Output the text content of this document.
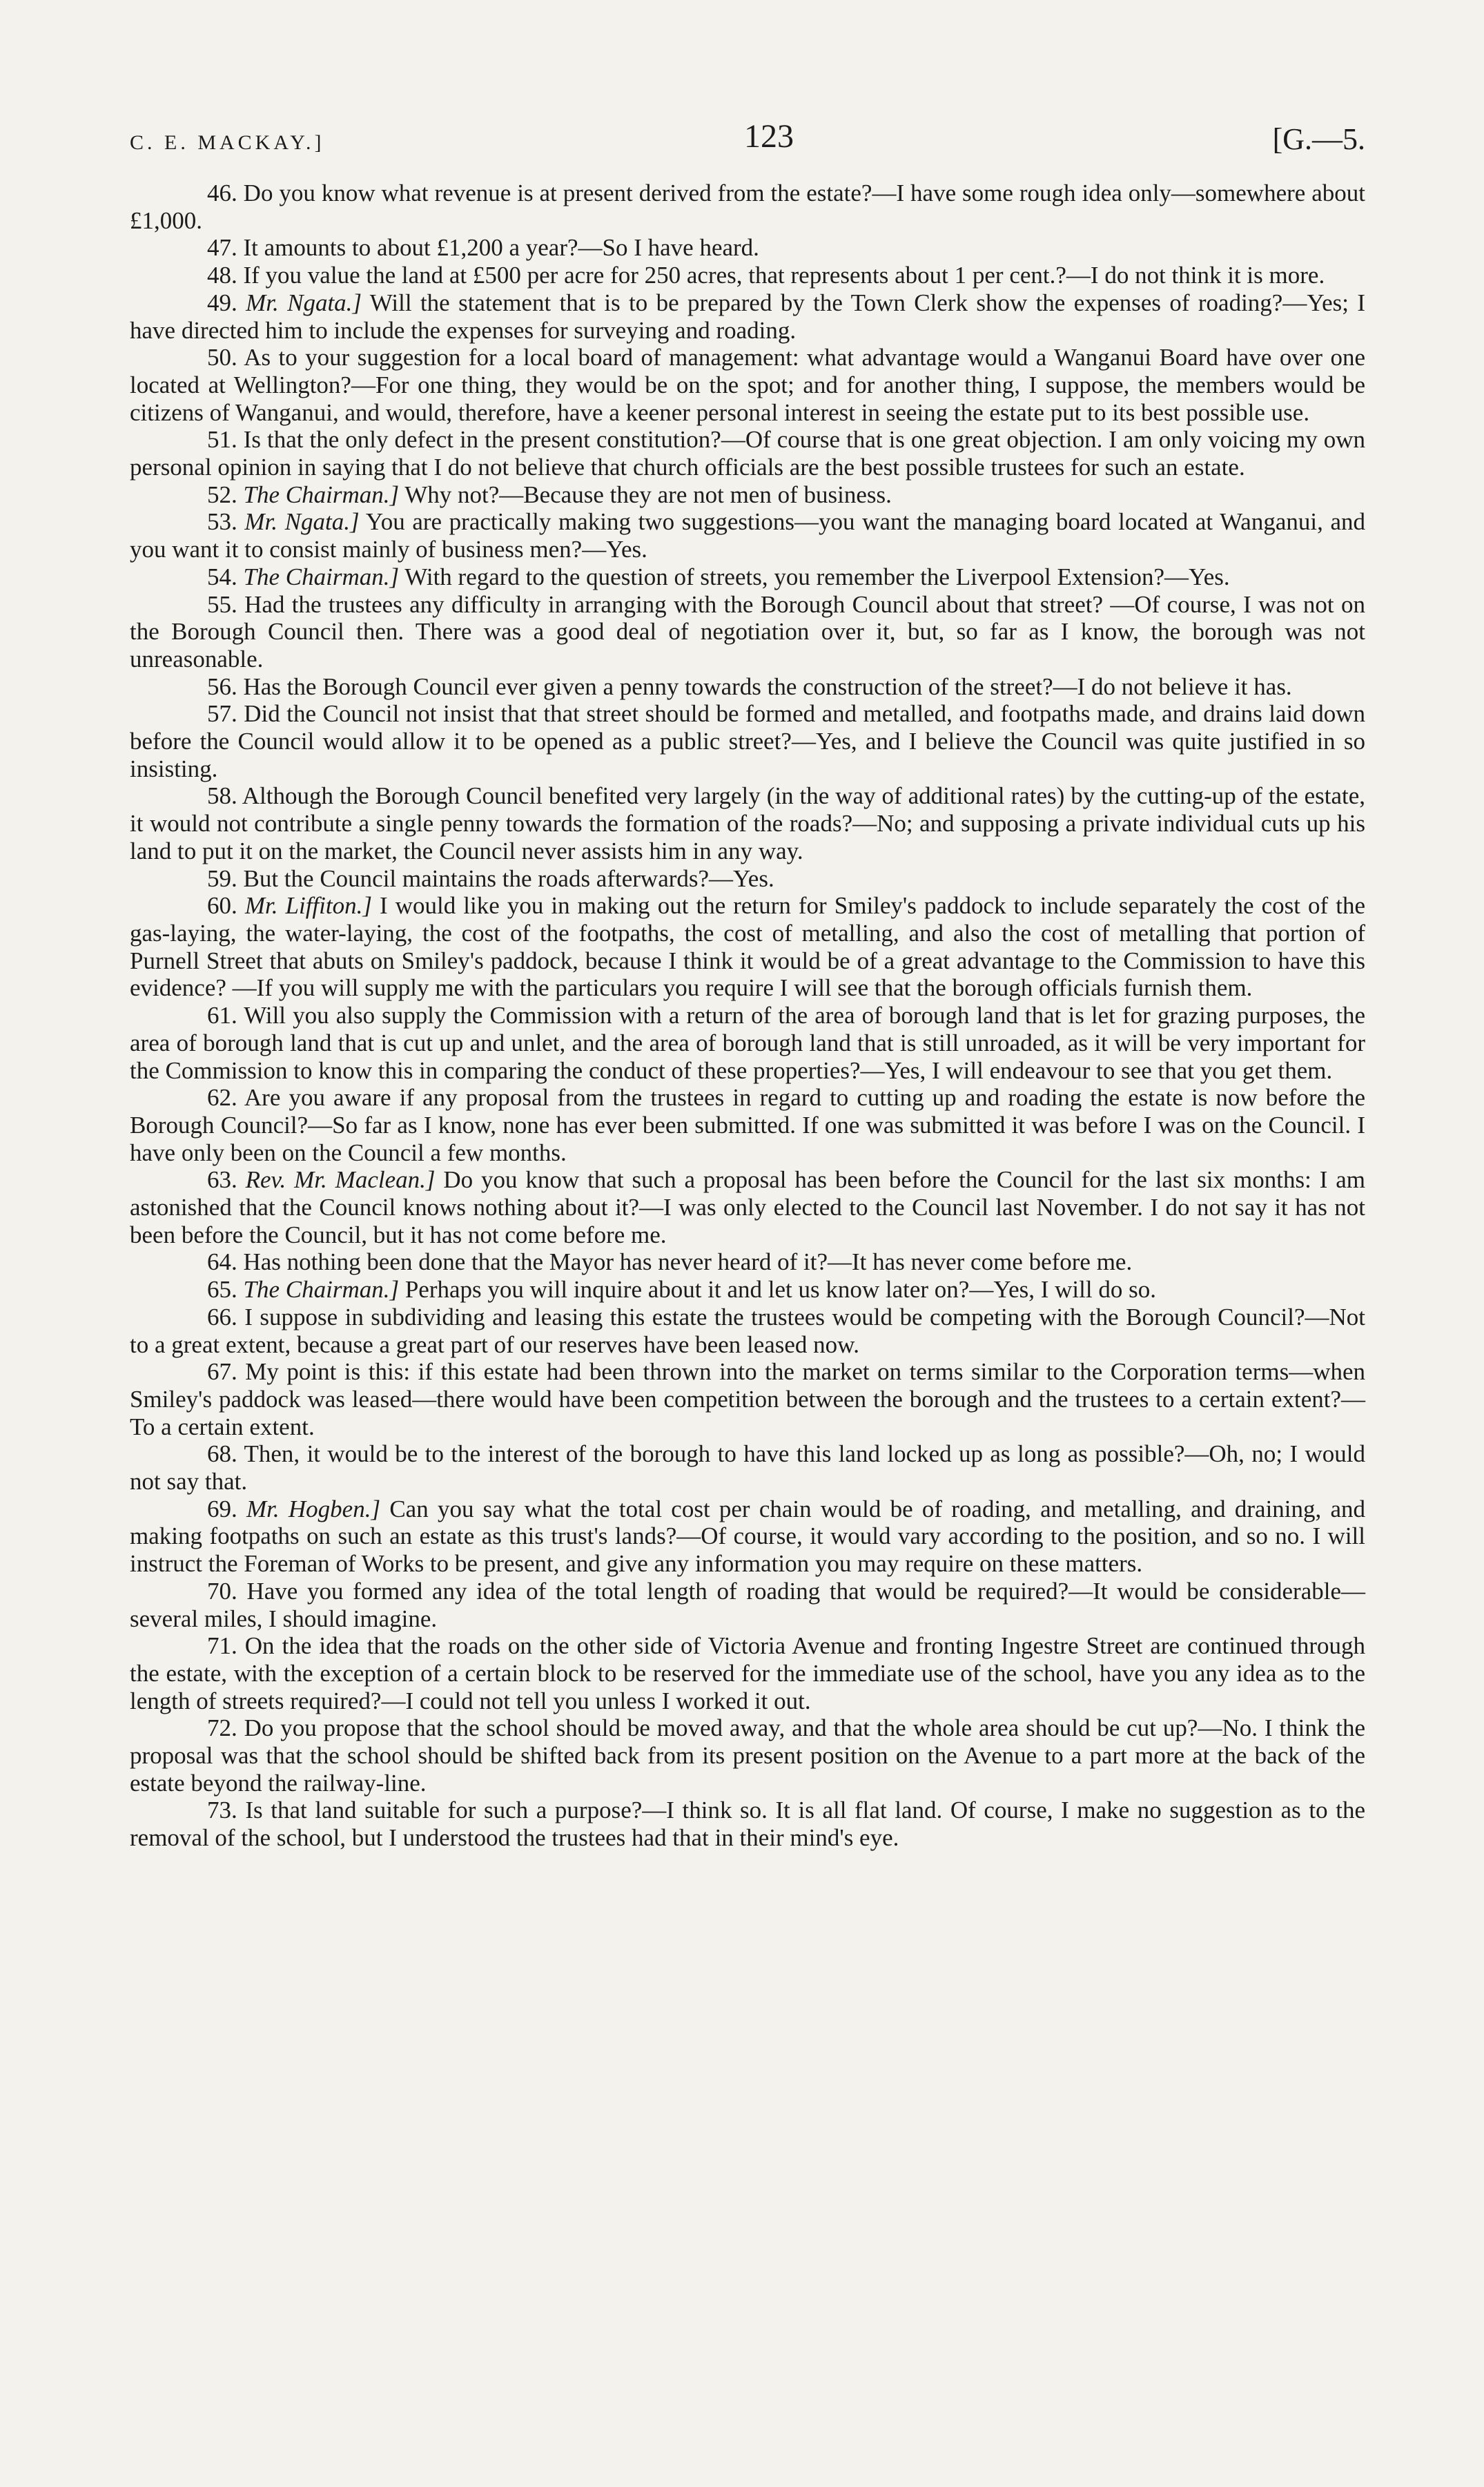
C. E. MACKAY.]	123	[G.—5.

46. Do you know what revenue is at present derived from the estate?—I have some rough idea only—somewhere about £1,000.

47. It amounts to about £1,200 a year?—So I have heard.

48. If you value the land at £500 per acre for 250 acres, that represents about 1 per cent.?—I do not think it is more.

49. Mr. Ngata.] Will the statement that is to be prepared by the Town Clerk show the expenses of roading?—Yes; I have directed him to include the expenses for surveying and roading.

50. As to your suggestion for a local board of management: what advantage would a Wanganui Board have over one located at Wellington?—For one thing, they would be on the spot; and for another thing, I suppose, the members would be citizens of Wanganui, and would, therefore, have a keener personal interest in seeing the estate put to its best possible use.

51. Is that the only defect in the present constitution?—Of course that is one great objection. I am only voicing my own personal opinion in saying that I do not believe that church officials are the best possible trustees for such an estate.

52. The Chairman.] Why not?—Because they are not men of business.

53. Mr. Ngata.] You are practically making two suggestions—you want the managing board located at Wanganui, and you want it to consist mainly of business men?—Yes.

54. The Chairman.] With regard to the question of streets, you remember the Liverpool Extension?—Yes.

55. Had the trustees any difficulty in arranging with the Borough Council about that street? —Of course, I was not on the Borough Council then. There was a good deal of negotiation over it, but, so far as I know, the borough was not unreasonable.

56. Has the Borough Council ever given a penny towards the construction of the street?—I do not believe it has.

57. Did the Council not insist that that street should be formed and metalled, and footpaths made, and drains laid down before the Council would allow it to be opened as a public street?—Yes, and I believe the Council was quite justified in so insisting.

58. Although the Borough Council benefited very largely (in the way of additional rates) by the cutting-up of the estate, it would not contribute a single penny towards the formation of the roads?—No; and supposing a private individual cuts up his land to put it on the market, the Council never assists him in any way.

59. But the Council maintains the roads afterwards?—Yes.

60. Mr. Liffiton.] I would like you in making out the return for Smiley's paddock to include separately the cost of the gas-laying, the water-laying, the cost of the footpaths, the cost of metalling, and also the cost of metalling that portion of Purnell Street that abuts on Smiley's paddock, because I think it would be of a great advantage to the Commission to have this evidence? —If you will supply me with the particulars you require I will see that the borough officials furnish them.

61. Will you also supply the Commission with a return of the area of borough land that is let for grazing purposes, the area of borough land that is cut up and unlet, and the area of borough land that is still unroaded, as it will be very important for the Commission to know this in comparing the conduct of these properties?—Yes, I will endeavour to see that you get them.

62. Are you aware if any proposal from the trustees in regard to cutting up and roading the estate is now before the Borough Council?—So far as I know, none has ever been submitted. If one was submitted it was before I was on the Council. I have only been on the Council a few months.

63. Rev. Mr. Maclean.] Do you know that such a proposal has been before the Council for the last six months: I am astonished that the Council knows nothing about it?—I was only elected to the Council last November. I do not say it has not been before the Council, but it has not come before me.

64. Has nothing been done that the Mayor has never heard of it?—It has never come before me.

65. The Chairman.] Perhaps you will inquire about it and let us know later on?—Yes, I will do so.

66. I suppose in subdividing and leasing this estate the trustees would be competing with the Borough Council?—Not to a great extent, because a great part of our reserves have been leased now.

67. My point is this: if this estate had been thrown into the market on terms similar to the Corporation terms—when Smiley's paddock was leased—there would have been competition between the borough and the trustees to a certain extent?—To a certain extent.

68. Then, it would be to the interest of the borough to have this land locked up as long as possible?—Oh, no; I would not say that.

69. Mr. Hogben.] Can you say what the total cost per chain would be of roading, and metalling, and draining, and making footpaths on such an estate as this trust's lands?—Of course, it would vary according to the position, and so no. I will instruct the Foreman of Works to be present, and give any information you may require on these matters.

70. Have you formed any idea of the total length of roading that would be required?—It would be considerable—several miles, I should imagine.

71. On the idea that the roads on the other side of Victoria Avenue and fronting Ingestre Street are continued through the estate, with the exception of a certain block to be reserved for the immediate use of the school, have you any idea as to the length of streets required?—I could not tell you unless I worked it out.

72. Do you propose that the school should be moved away, and that the whole area should be cut up?—No. I think the proposal was that the school should be shifted back from its present position on the Avenue to a part more at the back of the estate beyond the railway-line.

73. Is that land suitable for such a purpose?—I think so. It is all flat land. Of course, I make no suggestion as to the removal of the school, but I understood the trustees had that in their mind's eye.
